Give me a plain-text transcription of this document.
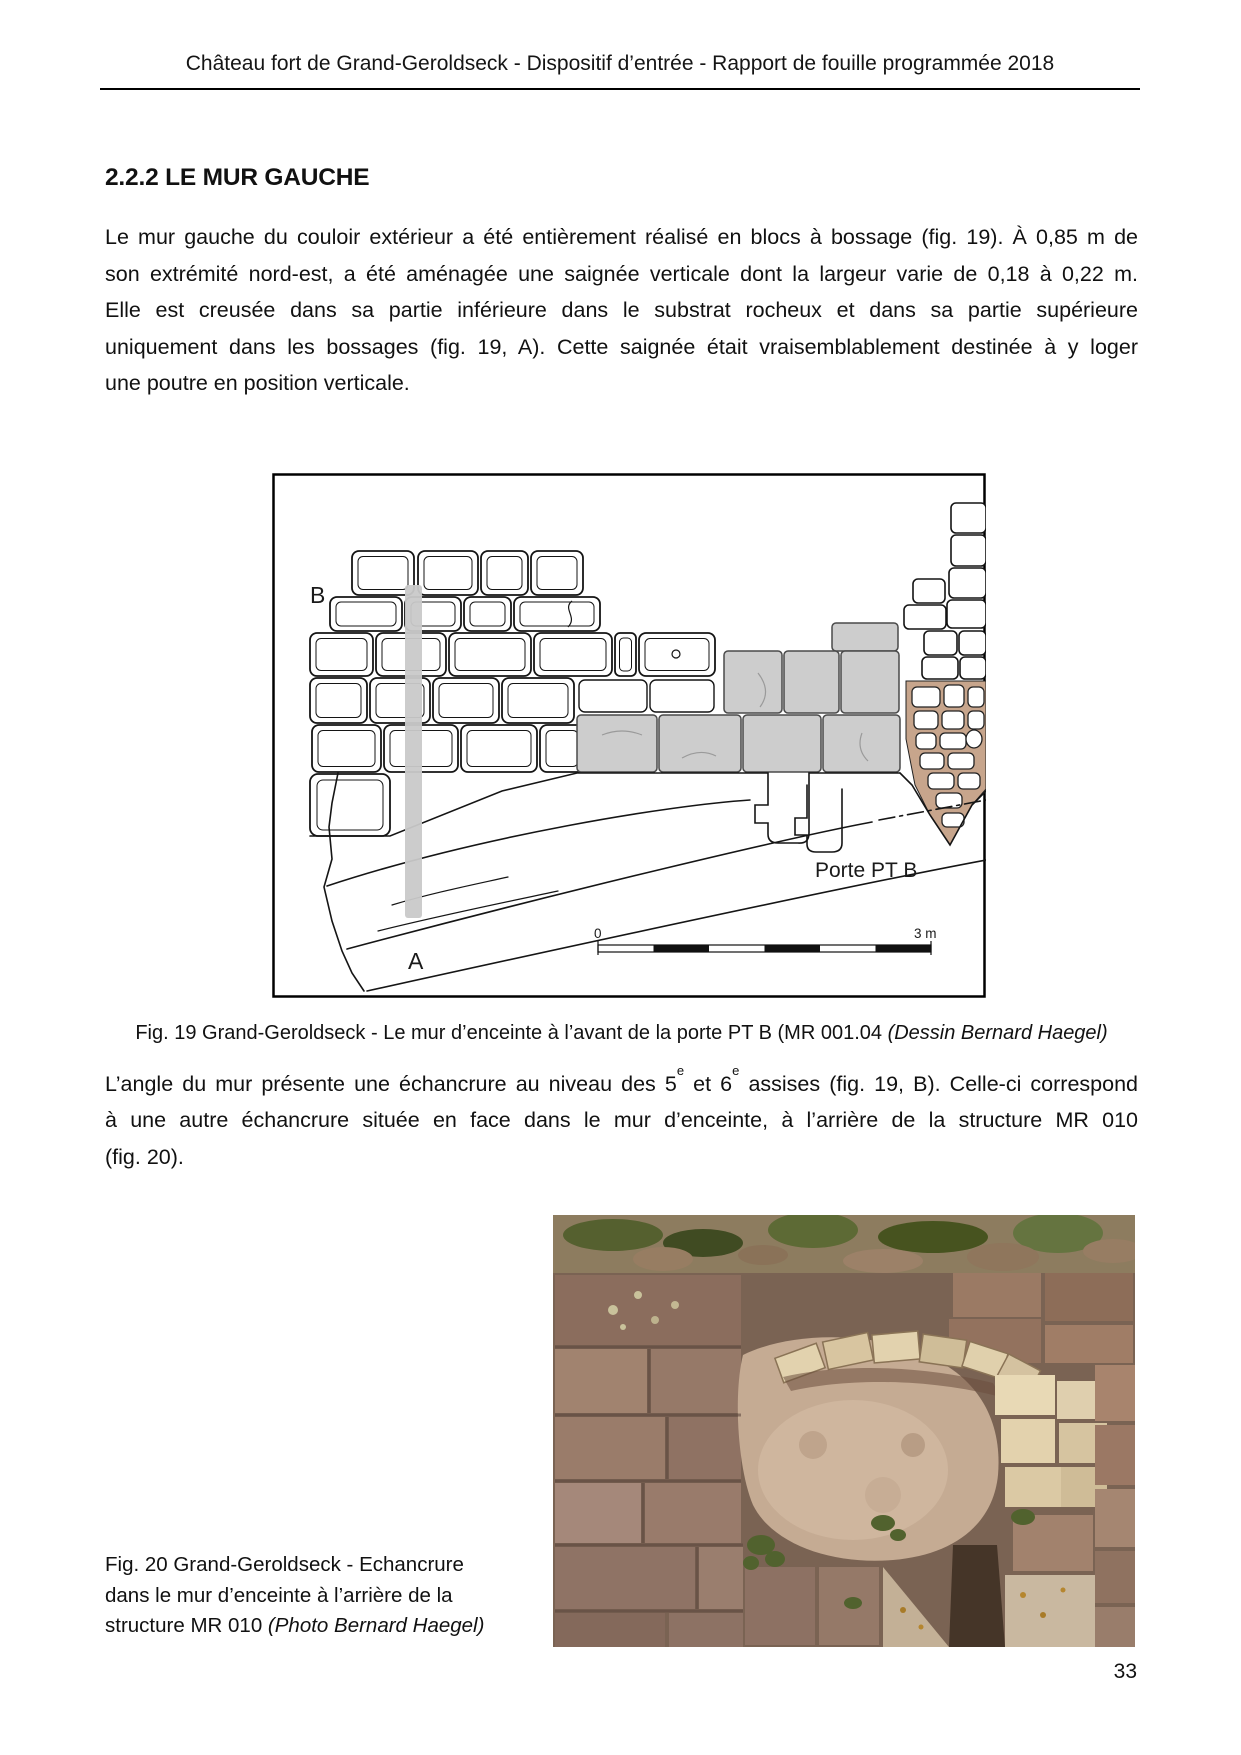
Château fort de Grand-Geroldseck - Dispositif d’entrée - Rapport de fouille programmée 2018
2.2.2 LE MUR GAUCHE
Le mur gauche du couloir extérieur a été entièrement réalisé en blocs à bossage (fig. 19). À 0,85 m de
son extrémité nord-est, a été aménagée une saignée verticale dont la largeur varie de 0,18 à 0,22 m.
Elle est creusée dans sa partie inférieure dans le substrat rocheux et dans sa partie supérieure
uniquement dans les bossages (fig. 19, A). Cette saignée était vraisemblablement destinée à y loger
une poutre en position verticale.
B
A
Porte PT B
0	3 m
Fig. 19 Grand-Geroldseck - Le mur d’enceinte à l’avant de la porte PT B (MR 001.04 (Dessin Bernard Haegel)
L’angle du mur présente une échancrure au niveau des 5e et 6e assises (fig. 19, B). Celle-ci correspond
à une autre échancrure située en face dans le mur d’enceinte, à l’arrière de la structure MR 010
(fig. 20).
Fig. 20 Grand-Geroldseck - Echancrure dans le mur d’enceinte à l’arrière de la structure MR 010 (Photo Bernard Haegel)
33
